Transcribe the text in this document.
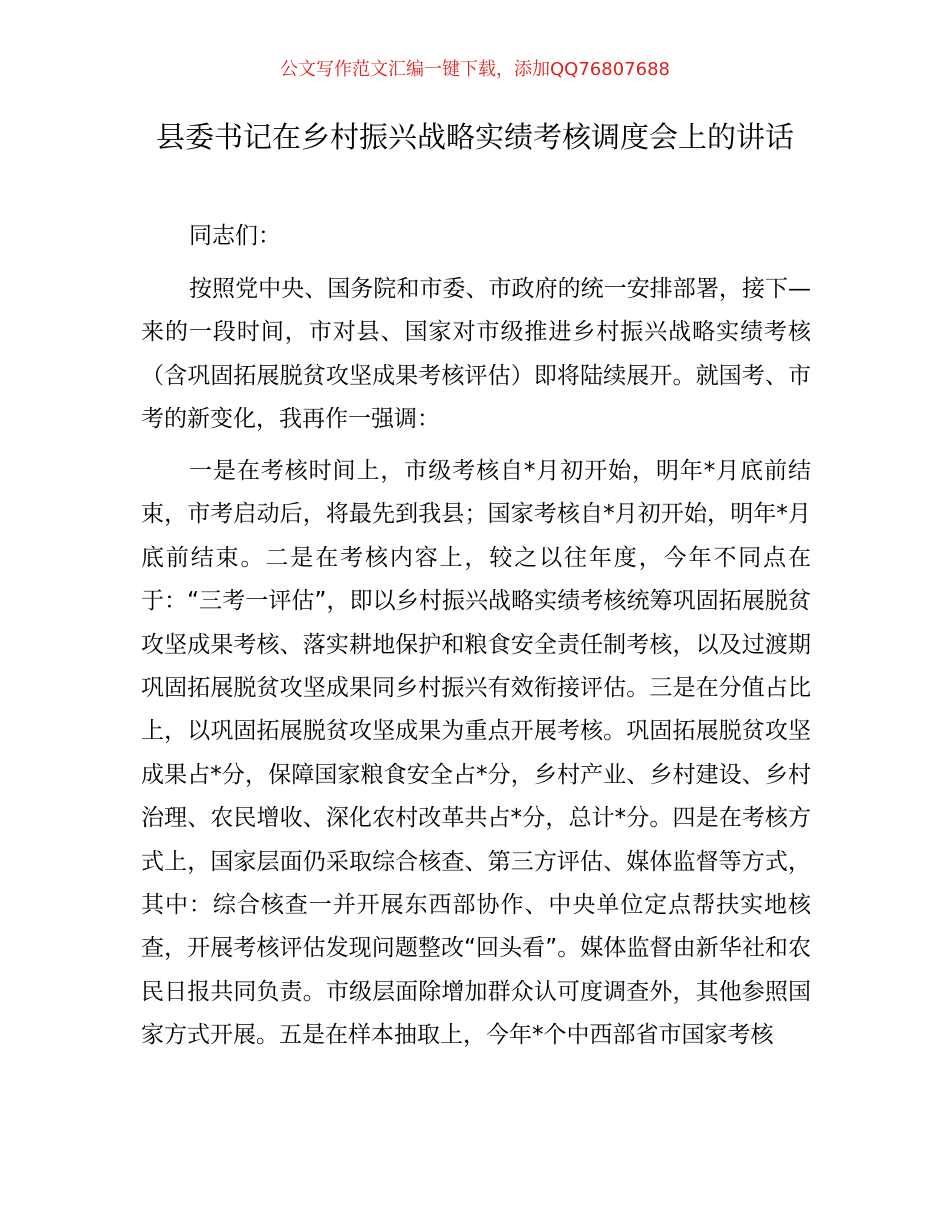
公文写作范文汇编一键下载，添加QQ76807688
县委书记在乡村振兴战略实绩考核调度会上的讲话
同志们：

按照党中央、国务院和市委、市政府的统一安排部署，接下—来的一段时间，市对县、国家对市级推进乡村振兴战略实绩考核（含巩固拓展脱贫攻坚成果考核评估）即将陆续展开。就国考、市考的新变化，我再作一强调：

一是在考核时间上，市级考核自*月初开始，明年*月底前结束，市考启动后，将最先到我县；国家考核自*月初开始，明年*月底前结束。二是在考核内容上，较之以往年度，今年不同点在于：“三考一评估”，即以乡村振兴战略实绩考核统筹巩固拓展脱贫攻坚成果考核、落实耕地保护和粮食安全责任制考核，以及过渡期巩固拓展脱贫攻坚成果同乡村振兴有效衔接评估。三是在分值占比上，以巩固拓展脱贫攻坚成果为重点开展考核。巩固拓展脱贫攻坚成果占*分，保障国家粮食安全占*分，乡村产业、乡村建设、乡村治理、农民增收、深化农村改革共占*分，总计*分。四是在考核方式上，国家层面仍采取综合核查、第三方评估、媒体监督等方式，其中：综合核查一并开展东西部协作、中央单位定点帮扶实地核查，开展考核评估发现问题整改“回头看”。媒体监督由新华社和农民日报共同负责。市级层面除增加群众认可度调查外，其他参照国家方式开展。五是在样本抽取上，今年*个中西部省市国家考核
